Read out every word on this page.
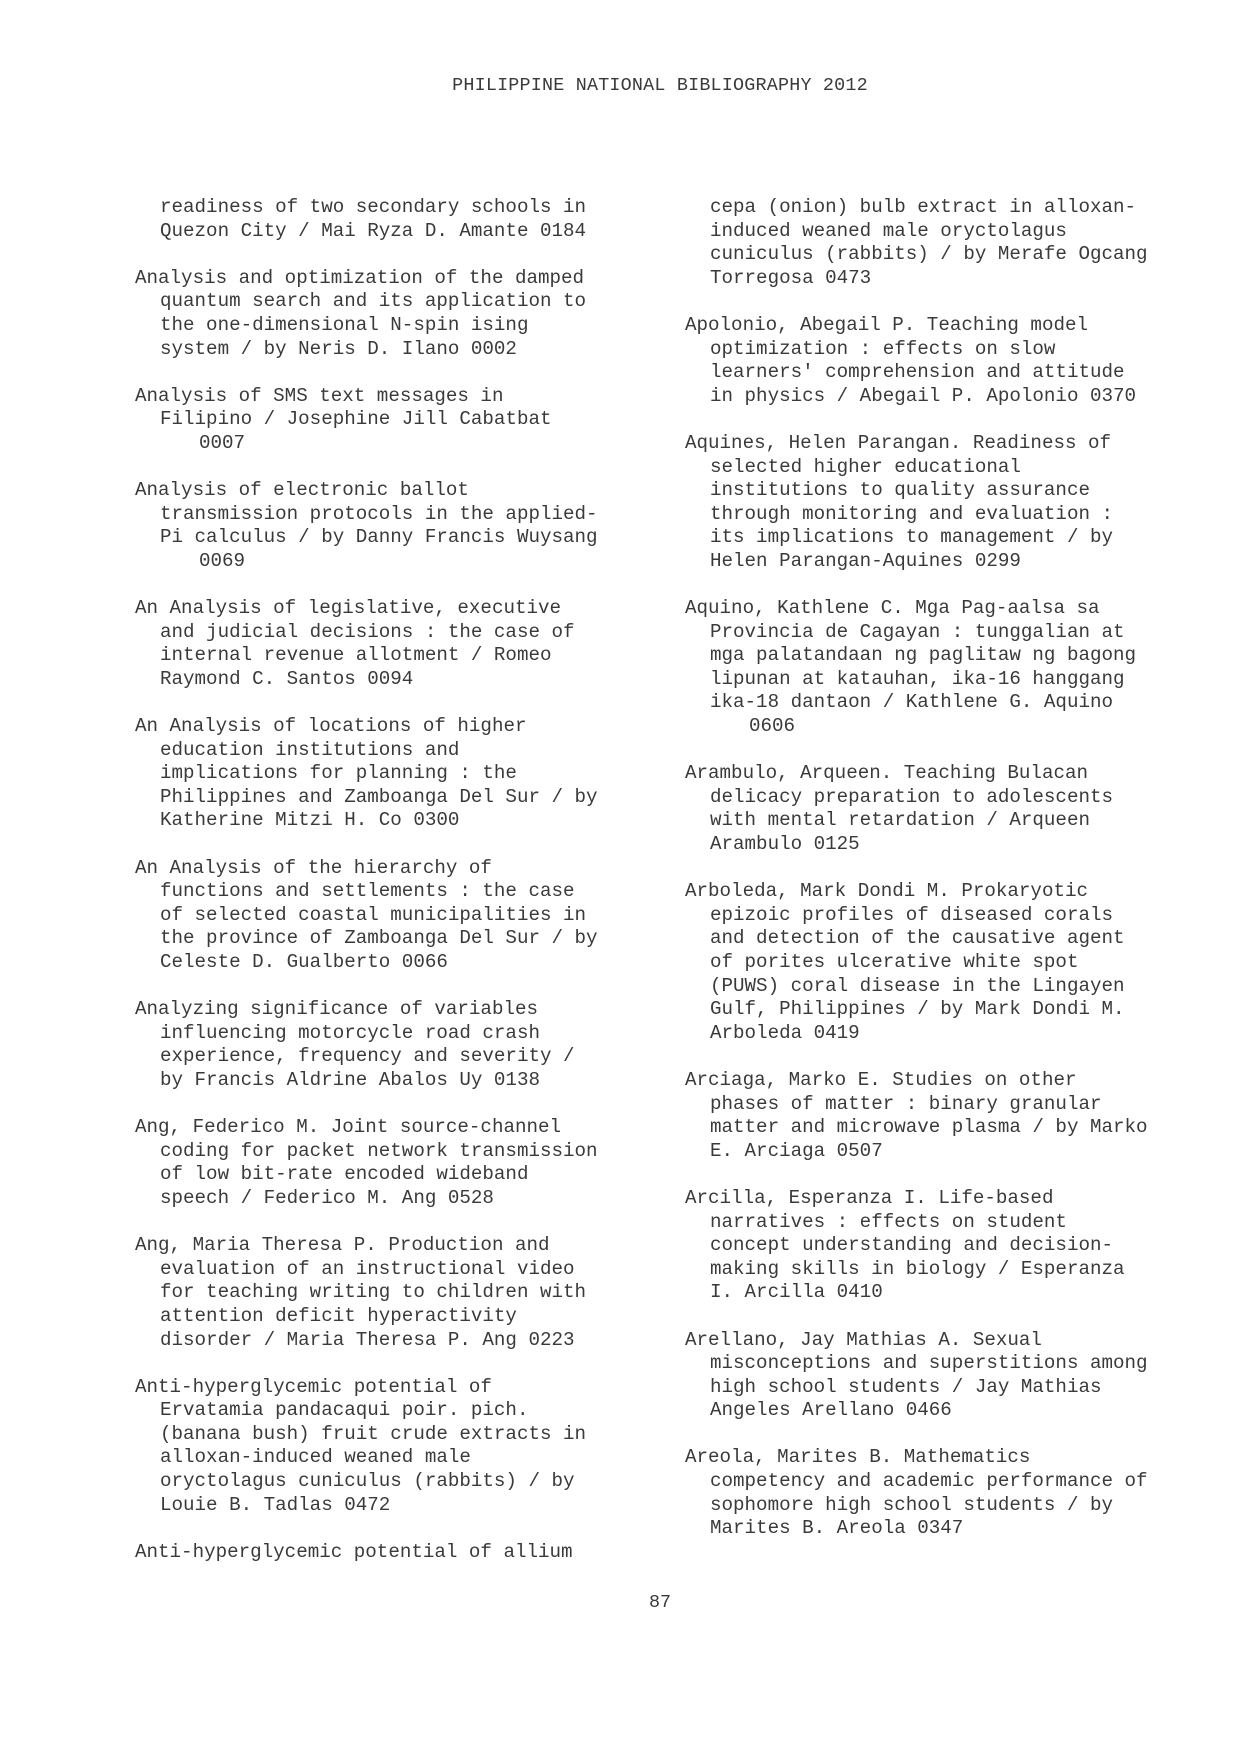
PHILIPPINE NATIONAL BIBLIOGRAPHY 2012
readiness of two secondary schools in
Quezon City / Mai Ryza D. Amante 0184
Analysis and optimization of the damped
quantum search and its application to
the one-dimensional N-spin ising
system / by Neris D. Ilano 0002
Analysis of SMS text messages in
Filipino / Josephine Jill Cabatbat
0007
Analysis of electronic ballot
transmission protocols in the applied-
Pi calculus / by Danny Francis Wuysang
0069
An Analysis of legislative, executive
and judicial decisions : the case of
internal revenue allotment / Romeo
Raymond C. Santos 0094
An Analysis of locations of higher
education institutions and
implications for planning : the
Philippines and Zamboanga Del Sur / by
Katherine Mitzi H. Co 0300
An Analysis of the hierarchy of
functions and settlements : the case
of selected coastal municipalities in
the province of Zamboanga Del Sur / by
Celeste D. Gualberto 0066
Analyzing significance of variables
influencing motorcycle road crash
experience, frequency and severity /
by Francis Aldrine Abalos Uy 0138
Ang, Federico M. Joint source-channel
coding for packet network transmission
of low bit-rate encoded wideband
speech / Federico M. Ang 0528
Ang, Maria Theresa P. Production and
evaluation of an instructional video
for teaching writing to children with
attention deficit hyperactivity
disorder / Maria Theresa P. Ang 0223
Anti-hyperglycemic potential of
Ervatamia pandacaqui poir. pich.
(banana bush) fruit crude extracts in
alloxan-induced weaned male
oryctolagus cuniculus (rabbits) / by
Louie B. Tadlas 0472
Anti-hyperglycemic potential of allium
cepa (onion) bulb extract in alloxan-
induced weaned male oryctolagus
cuniculus (rabbits) / by Merafe Ogcang
Torregosa 0473
Apolonio, Abegail P. Teaching model
optimization : effects on slow
learners' comprehension and attitude
in physics / Abegail P. Apolonio 0370
Aquines, Helen Parangan. Readiness of
selected higher educational
institutions to quality assurance
through monitoring and evaluation :
its implications to management / by
Helen Parangan-Aquines 0299
Aquino, Kathlene C. Mga Pag-aalsa sa
Provincia de Cagayan : tunggalian at
mga palatandaan ng paglitaw ng bagong
lipunan at katauhan, ika-16 hanggang
ika-18 dantaon / Kathlene G. Aquino
0606
Arambulo, Arqueen. Teaching Bulacan
delicacy preparation to adolescents
with mental retardation / Arqueen
Arambulo 0125
Arboleda, Mark Dondi M. Prokaryotic
epizoic profiles of diseased corals
and detection of the causative agent
of porites ulcerative white spot
(PUWS) coral disease in the Lingayen
Gulf, Philippines / by Mark Dondi M.
Arboleda 0419
Arciaga, Marko E. Studies on other
phases of matter : binary granular
matter and microwave plasma / by Marko
E. Arciaga 0507
Arcilla, Esperanza I. Life-based
narratives : effects on student
concept understanding and decision-
making skills in biology / Esperanza
I. Arcilla 0410
Arellano, Jay Mathias A. Sexual
misconceptions and superstitions among
high school students / Jay Mathias
Angeles Arellano 0466
Areola, Marites B. Mathematics
competency and academic performance of
sophomore high school students / by
Marites B. Areola 0347
87
